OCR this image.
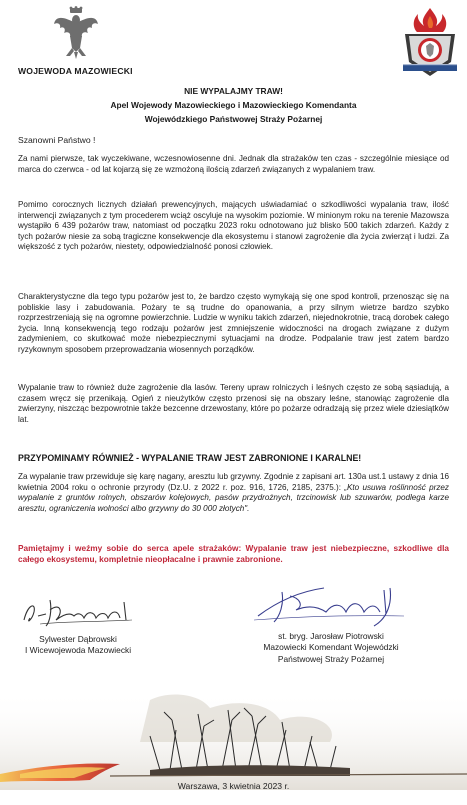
WOJEWODA MAZOWIECKI
NIE WYPALAJMY TRAW!
Apel Wojewody Mazowieckiego i Mazowieckiego Komendanta
Wojewódzkiego Państwowej Straży Pożarnej
Szanowni Państwo !

Za nami pierwsze, tak wyczekiwane, wczesnowiosenne dni. Jednak dla strażaków ten czas - szczególnie miesiące od marca do czerwca - od lat kojarzą się ze wzmożoną ilością zdarzeń związanych z wypalaniem traw.

Pomimo corocznych licznych działań prewencyjnych, mających uświadamiać o szkodliwości wypalania traw, ilość interwencji związanych z tym procederem wciąż oscyluje na wysokim poziomie. W minionym roku na terenie Mazowsza wystąpiło 6 439 pożarów traw, natomiast od początku 2023 roku odnotowano już blisko 500 takich zdarzeń. Każdy z tych pożarów niesie za sobą tragiczne konsekwencje dla ekosystemu i stanowi zagrożenie dla życia zwierząt i ludzi. Za większość z tych pożarów, niestety, odpowiedzialność ponosi człowiek.

Charakterystyczne dla tego typu pożarów jest to, że bardzo często wymykają się one spod kontroli, przenosząc się na pobliskie lasy i zabudowania. Pożary te są trudne do opanowania, a przy silnym wietrze bardzo szybko rozprzestrzeniają się na ogromne powierzchnie. Ludzie w wyniku takich zdarzeń, niejednokrotnie, tracą dorobek całego życia. Inną konsekwencją tego rodzaju pożarów jest zmniejszenie widoczności na drogach związane z dużym zadymieniem, co skutkować może niebezpiecznymi sytuacjami na drodze. Podpalanie traw jest zatem bardzo ryzykownym sposobem przeprowadzania wiosennych porządków.

Wypalanie traw to również duże zagrożenie dla lasów. Tereny upraw rolniczych i leśnych często ze sobą sąsiadują, a czasem wręcz się przenikają. Ogień z nieużytków często przenosi się na obszary leśne, stanowiąc zagrożenie dla zwierzyny, niszcząc bezpowrotnie także bezcenne drzewostany, które po pożarze odradzają się przez wiele dziesiątków lat.

PRZYPOMINAMY RÓWNIEŻ - WYPALANIE TRAW JEST ZABRONIONE I KARALNE!

Za wypalanie traw przewiduje się karę nagany, aresztu lub grzywny. Zgodnie z zapisani art. 130a ust.1 ustawy z dnia 16 kwietnia 2004 roku o ochronie przyrody (Dz.U. z 2022 r. poz. 916, 1726, 2185, 2375.): „Kto usuwa roślinność przez wypalanie z gruntów rolnych, obszarów kolejowych, pasów przydrożnych, trzcinowisk lub szuwarów, podlega karze aresztu, ograniczenia wolności albo grzywny do 30 000 złotych".

Pamiętajmy i weźmy sobie do serca apele strażaków: Wypalanie traw jest niebezpieczne, szkodliwe dla całego ekosystemu, kompletnie nieopłacalne i prawnie zabronione.

Sylwester Dąbrowski
I Wicewojewoda Mazowiecki
st. bryg. Jarosław Piotrowski
Mazowiecki Komendant Wojewódzki
Państwowej Straży Pożarnej
Warszawa, 3 kwietnia 2023 r.
